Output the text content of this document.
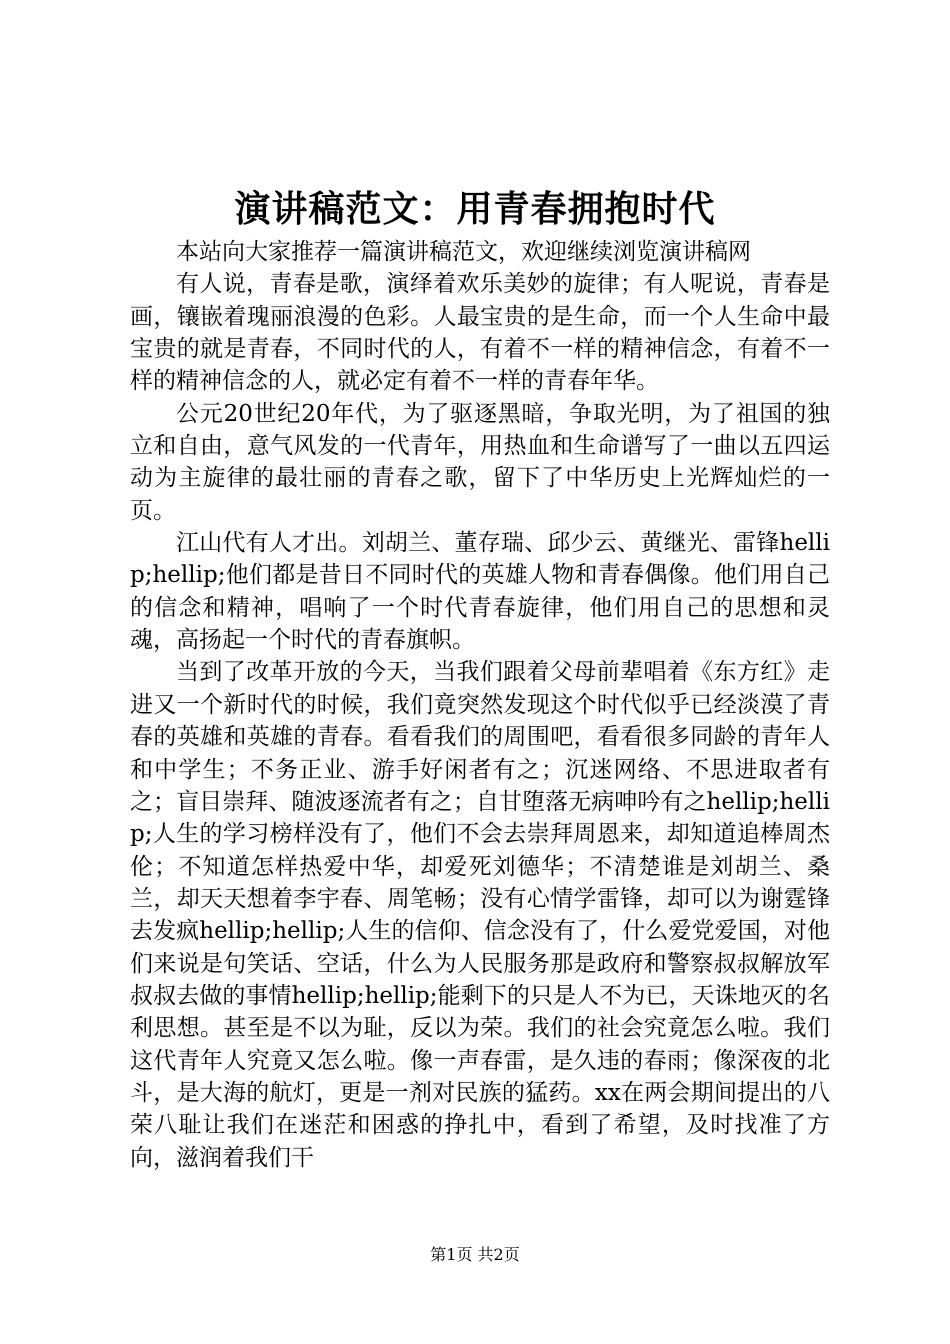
演讲稿范文：用青春拥抱时代

本站向大家推荐一篇演讲稿范文，欢迎继续浏览演讲稿网

有人说，青春是歌，演绎着欢乐美妙的旋律；有人呢说，青春是画，镶嵌着瑰丽浪漫的色彩。人最宝贵的是生命，而一个人生命中最宝贵的就是青春，不同时代的人，有着不一样的精神信念，有着不一样的精神信念的人，就必定有着不一样的青春年华。

公元20世纪20年代，为了驱逐黑暗，争取光明，为了祖国的独立和自由，意气风发的一代青年，用热血和生命谱写了一曲以五四运动为主旋律的最壮丽的青春之歌，留下了中华历史上光辉灿烂的一页。

江山代有人才出。刘胡兰、董存瑞、邱少云、黄继光、雷锋hellip;hellip;他们都是昔日不同时代的英雄人物和青春偶像。他们用自己的信念和精神，唱响了一个时代青春旋律，他们用自己的思想和灵魂，高扬起一个时代的青春旗帜。

当到了改革开放的今天，当我们跟着父母前辈唱着《东方红》走进又一个新时代的时候，我们竟突然发现这个时代似乎已经淡漠了青春的英雄和英雄的青春。看看我们的周围吧，看看很多同龄的青年人和中学生；不务正业、游手好闲者有之；沉迷网络、不思进取者有之；盲目崇拜、随波逐流者有之；自甘堕落无病呻吟有之hellip;hellip;人生的学习榜样没有了，他们不会去崇拜周恩来，却知道追棒周杰伦；不知道怎样热爱中华，却爱死刘德华；不清楚谁是刘胡兰、桑兰，却天天想着李宇春、周笔畅；没有心情学雷锋，却可以为谢霆锋去发疯hellip;hellip;人生的信仰、信念没有了，什么爱党爱国，对他们来说是句笑话、空话，什么为人民服务那是政府和警察叔叔解放军叔叔去做的事情hellip;hellip;能剩下的只是人不为已，天诛地灭的名利思想。甚至是不以为耻，反以为荣。我们的社会究竟怎么啦。我们这代青年人究竟又怎么啦。像一声春雷，是久违的春雨；像深夜的北斗，是大海的航灯，更是一剂对民族的猛药。xx在两会期间提出的八荣八耻让我们在迷茫和困惑的挣扎中，看到了希望，及时找准了方向，滋润着我们干

第1页 共2页
